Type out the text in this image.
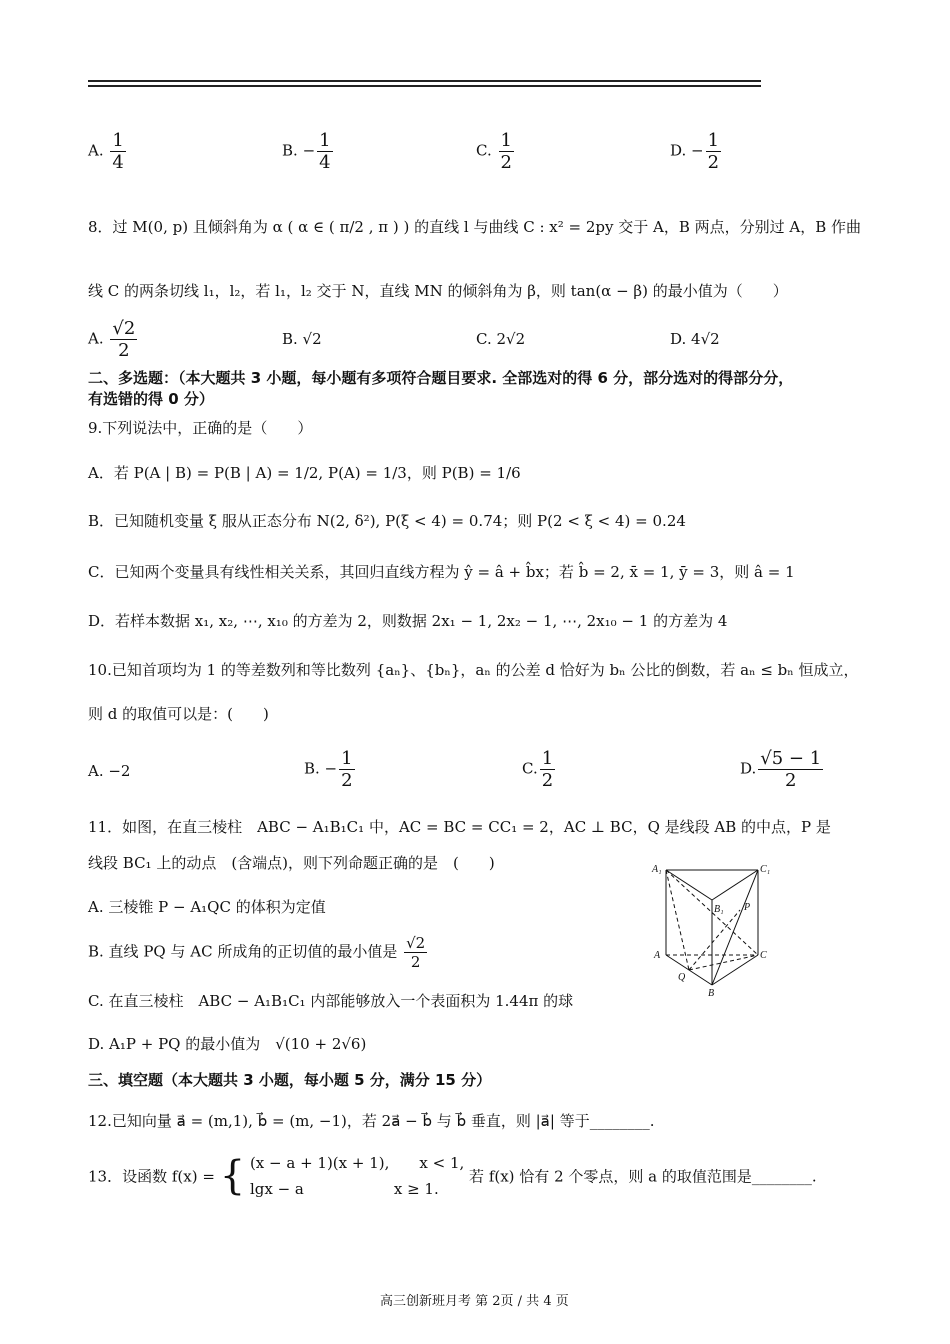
A. $\frac{1}{4}$	B. − $\frac{1}{4}$	C. $\frac{1}{2}$	D. − $\frac{1}{2}$
8．过 M(0, p) 且倾斜角为 α ( α ∈ ( π/2 , π ) ) 的直线 l 与曲线 C : x² = 2py 交于 A，B 两点，分别过 A，B 作曲
线 C 的两条切线 l₁，l₂，若 l₁，l₂ 交于 N，直线 MN 的倾斜角为 β，则 tan(α − β) 的最小值为（　　）
A. $\frac{√2}{2}$	B. √2	C. 2√2	D. 4√2
二、多选题：（本大题共 3 小题，每小题有多项符合题目要求. 全部选对的得 6 分，部分选对的得部分分，
有选错的得 0 分）
9.下列说法中，正确的是（　　）
A．若 P(A | B) = P(B | A) = 1/2, P(A) = 1/3，则 P(B) = 1/6
B．已知随机变量 ξ 服从正态分布 N(2, δ²), P(ξ < 4) = 0.74；则 P(2 < ξ < 4) = 0.24
C．已知两个变量具有线性相关关系，其回归直线方程为 ŷ = â + b̂x；若 b̂ = 2, x̄ = 1, ȳ = 3，则 â = 1
D．若样本数据 x₁, x₂, ⋯, x₁₀ 的方差为 2，则数据 2x₁ − 1, 2x₂ − 1, ⋯, 2x₁₀ − 1 的方差为 4
10.已知首项均为 1 的等差数列和等比数列 {aₙ}、{bₙ}，aₙ 的公差 d 恰好为 bₙ 公比的倒数，若 aₙ ≤ bₙ 恒成立，
则 d 的取值可以是：(　　)
A. −2	B. − $\frac{1}{2}$	C. $\frac{1}{2}$	D. $\frac{√5 - 1}{2}$
11．如图，在直三棱柱　ABC − A₁B₁C₁ 中，AC = BC = CC₁ = 2，AC ⊥ BC，Q 是线段 AB 的中点，P 是
线段 BC₁ 上的动点　(含端点)，则下列命题正确的是　(　　)
A. 三棱锥 P − A₁QC 的体积为定值
B. 直线 PQ 与 AC 所成角的正切值的最小值是 $\frac{√2}{2}$
C. 在直三棱柱　ABC − A₁B₁C₁ 内部能够放入一个表面积为 1.44π 的球
D. A₁P + PQ 的最小值为　√(10 + 2√6)
A₁	C₁
B₁ P
A	C
Q
B
三、填空题（本大题共 3 小题，每小题 5 分，满分 15 分）
12.已知向量 a⃗ = (m,1), b⃗ = (m, −1)，若 2a⃗ − b⃗ 与 b⃗ 垂直，则 |a⃗| 等于________.
13．设函数 f(x) = { (x − a + 1)(x + 1),　　x < 1,
lgx − a　　　　　　x ≥ 1.
若 f(x) 恰有 2 个零点，则 a 的取值范围是________.
高三创新班月考 第 2页 / 共 4 页
